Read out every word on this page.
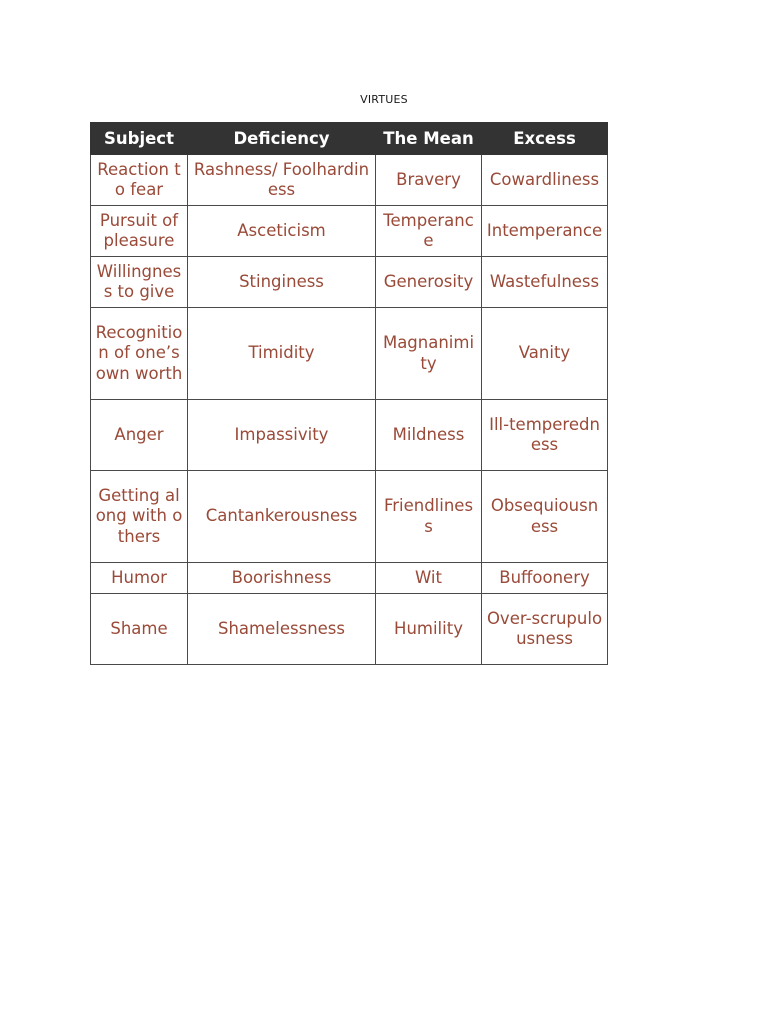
VIRTUES
Subject	Deficiency	The Mean	Excess
Reaction to fear	Rashness/ Foolhardiness	Bravery	Cowardliness
Pursuit of pleasure	Asceticism	Temperance	Intemperance
Willingness to give	Stinginess	Generosity	Wastefulness
Recognition of one’s own worth	Timidity	Magnanimity	Vanity
Anger	Impassivity	Mildness	Ill-temperedness
Getting along with others	Cantankerousness	Friendliness	Obsequiousness
Humor	Boorishness	Wit	Buffoonery
Shame	Shamelessness	Humility	Over-scrupulousness
